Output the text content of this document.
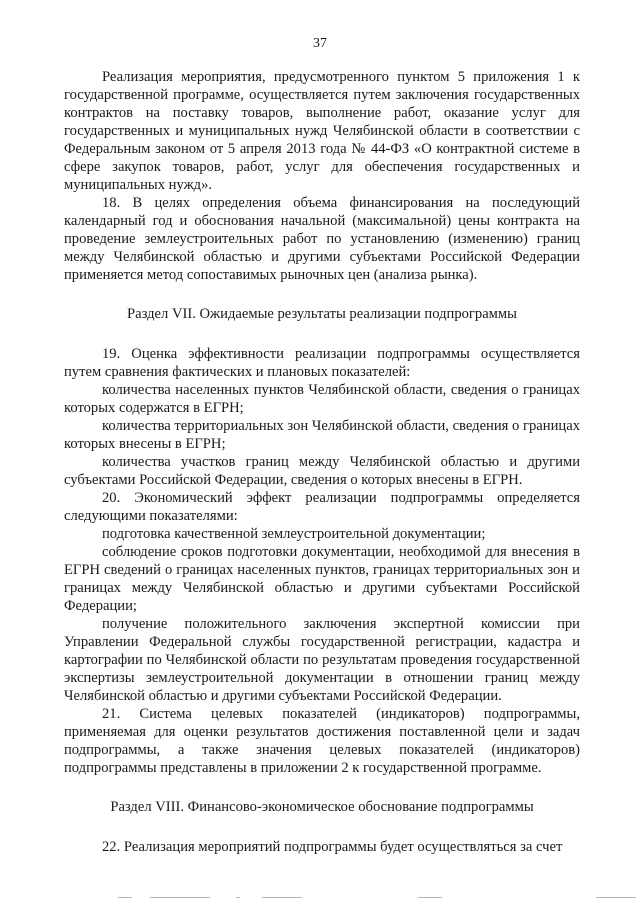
37

Реализация мероприятия, предусмотренного пунктом 5 приложения 1 к государственной программе, осуществляется путем заключения государственных контрактов на поставку товаров, выполнение работ, оказание услуг для государственных и муниципальных нужд Челябинской области в соответствии с Федеральным законом от 5 апреля 2013 года № 44-ФЗ «О контрактной системе в сфере закупок товаров, работ, услуг для обеспечения государственных и муниципальных нужд».

18. В целях определения объема финансирования на последующий календарный год и обоснования начальной (максимальной) цены контракта на проведение землеустроительных работ по установлению (изменению) границ между Челябинской областью и другими субъектами Российской Федерации применяется метод сопоставимых рыночных цен (анализа рынка).

Раздел VII. Ожидаемые результаты реализации подпрограммы

19. Оценка эффективности реализации подпрограммы осуществляется путем сравнения фактических и плановых показателей:

количества населенных пунктов Челябинской области, сведения о границах которых содержатся в ЕГРН;

количества территориальных зон Челябинской области, сведения о границах которых внесены в ЕГРН;

количества участков границ между Челябинской областью и другими субъектами Российской Федерации, сведения о которых внесены в ЕГРН.

20. Экономический эффект реализации подпрограммы определяется следующими показателями:

подготовка качественной землеустроительной документации;

соблюдение сроков подготовки документации, необходимой для внесения в ЕГРН сведений о границах населенных пунктов, границах территориальных зон и границах между Челябинской областью и другими субъектами Российской Федерации;

получение положительного заключения экспертной комиссии при Управлении Федеральной службы государственной регистрации, кадастра и картографии по Челябинской области по результатам проведения государственной экспертизы землеустроительной документации в отношении границ между Челябинской областью и другими субъектами Российской Федерации.

21. Система целевых показателей (индикаторов) подпрограммы, применяемая для оценки результатов достижения поставленной цели и задач подпрограммы, а также значения целевых показателей (индикаторов) подпрограммы представлены в приложении 2 к государственной программе.

Раздел VIII. Финансово-экономическое обоснование подпрограммы

22. Реализация мероприятий подпрограммы будет осуществляться за счет
